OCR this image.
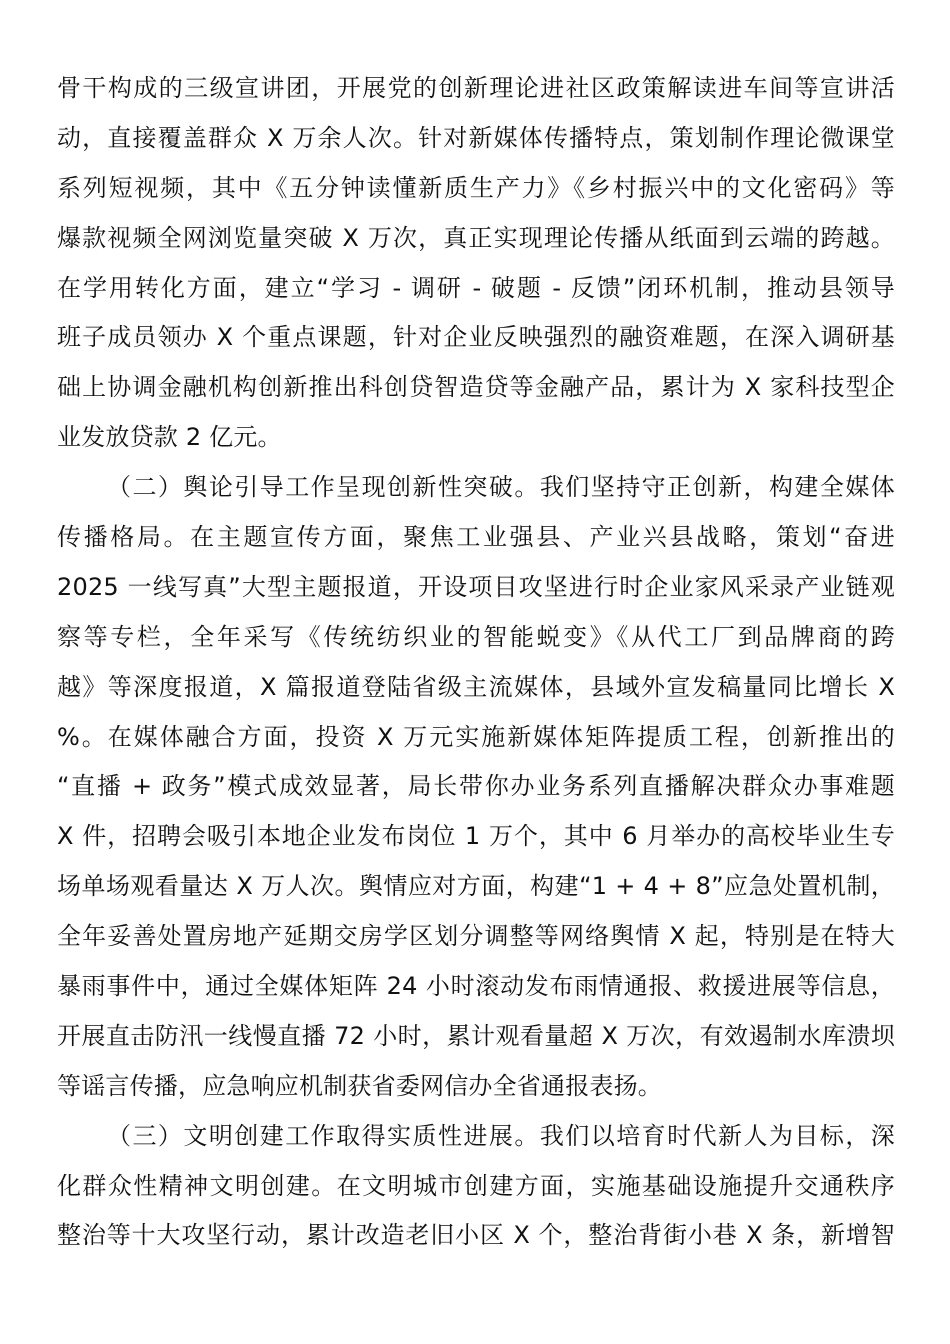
骨干构成的三级宣讲团，开展党的创新理论进社区政策解读进车间等宣讲活
动，直接覆盖群众 X 万余人次。针对新媒体传播特点，策划制作理论微课堂
系列短视频，其中《五分钟读懂新质生产力》《乡村振兴中的文化密码》等
爆款视频全网浏览量突破 X 万次，真正实现理论传播从纸面到云端的跨越。
在学用转化方面，建立“学习 - 调研 - 破题 - 反馈”闭环机制，推动县领导
班子成员领办 X 个重点课题，针对企业反映强烈的融资难题，在深入调研基
础上协调金融机构创新推出科创贷智造贷等金融产品，累计为 X 家科技型企
业发放贷款 2 亿元。
（二）舆论引导工作呈现创新性突破。我们坚持守正创新，构建全媒体
传播格局。在主题宣传方面，聚焦工业强县、产业兴县战略，策划“奋进
2025 一线写真”大型主题报道，开设项目攻坚进行时企业家风采录产业链观
察等专栏，全年采写《传统纺织业的智能蜕变》《从代工厂到品牌商的跨
越》等深度报道，X 篇报道登陆省级主流媒体，县域外宣发稿量同比增长 X
%。在媒体融合方面，投资 X 万元实施新媒体矩阵提质工程，创新推出的
“直播 + 政务”模式成效显著，局长带你办业务系列直播解决群众办事难题
X 件，招聘会吸引本地企业发布岗位 1 万个，其中 6 月举办的高校毕业生专
场单场观看量达 X 万人次。舆情应对方面，构建“1 + 4 + 8”应急处置机制，
全年妥善处置房地产延期交房学区划分调整等网络舆情 X 起，特别是在特大
暴雨事件中，通过全媒体矩阵 24 小时滚动发布雨情通报、救援进展等信息，
开展直击防汛一线慢直播 72 小时，累计观看量超 X 万次，有效遏制水库溃坝
等谣言传播，应急响应机制获省委网信办全省通报表扬。
（三）文明创建工作取得实质性进展。我们以培育时代新人为目标，深
化群众性精神文明创建。在文明城市创建方面，实施基础设施提升交通秩序
整治等十大攻坚行动，累计改造老旧小区 X 个，整治背街小巷 X 条，新增智
